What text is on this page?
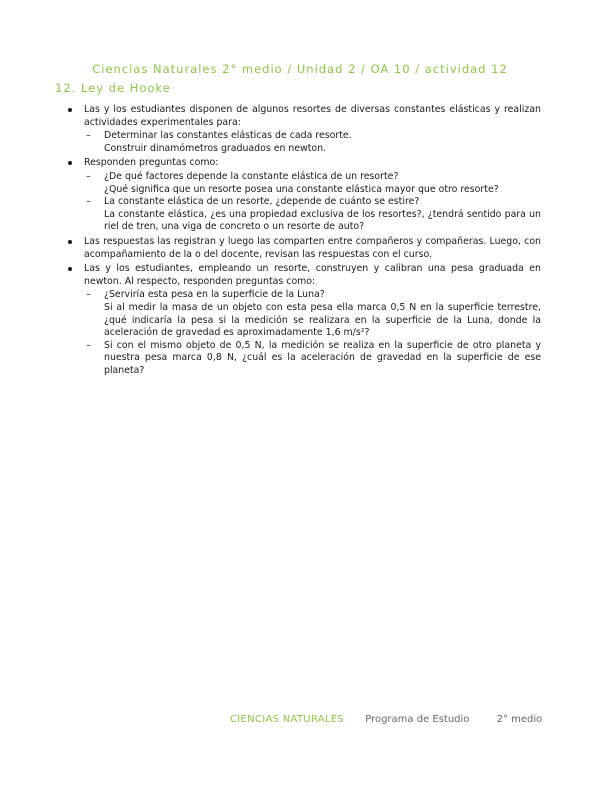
Ciencias Naturales 2° medio / Unidad 2 / OA 10 / actividad 12
12. Ley de Hooke
Las y los estudiantes disponen de algunos resortes de diversas constantes elásticas y realizan actividades experimentales para:
– Determinar las constantes elásticas de cada resorte.
Construir dinamómetros graduados en newton.
Responden preguntas como:
– ¿De qué factores depende la constante elástica de un resorte?
¿Qué significa que un resorte posea una constante elástica mayor que otro resorte?
– La constante elástica de un resorte, ¿depende de cuánto se estire?
La constante elástica, ¿es una propiedad exclusiva de los resortes?, ¿tendrá sentido para un riel de tren, una viga de concreto o un resorte de auto?
Las respuestas las registran y luego las comparten entre compañeros y compañeras. Luego, con acompañamiento de la o del docente, revisan las respuestas con el curso.
Las y los estudiantes, empleando un resorte, construyen y calibran una pesa graduada en newton. Al respecto, responden preguntas como:
– ¿Serviría esta pesa en la superficie de la Luna?
Si al medir la masa de un objeto con esta pesa ella marca 0,5 N en la superficie terrestre, ¿qué indicaría la pesa si la medición se realizara en la superficie de la Luna, donde la aceleración de gravedad es aproximadamente 1,6 m/s²?
– Si con el mismo objeto de 0,5 N, la medición se realiza en la superficie de otro planeta y nuestra pesa marca 0,8 N, ¿cuál es la aceleración de gravedad en la superficie de ese planeta?
CIENCIAS NATURALES Programa de Estudio	2° medio
